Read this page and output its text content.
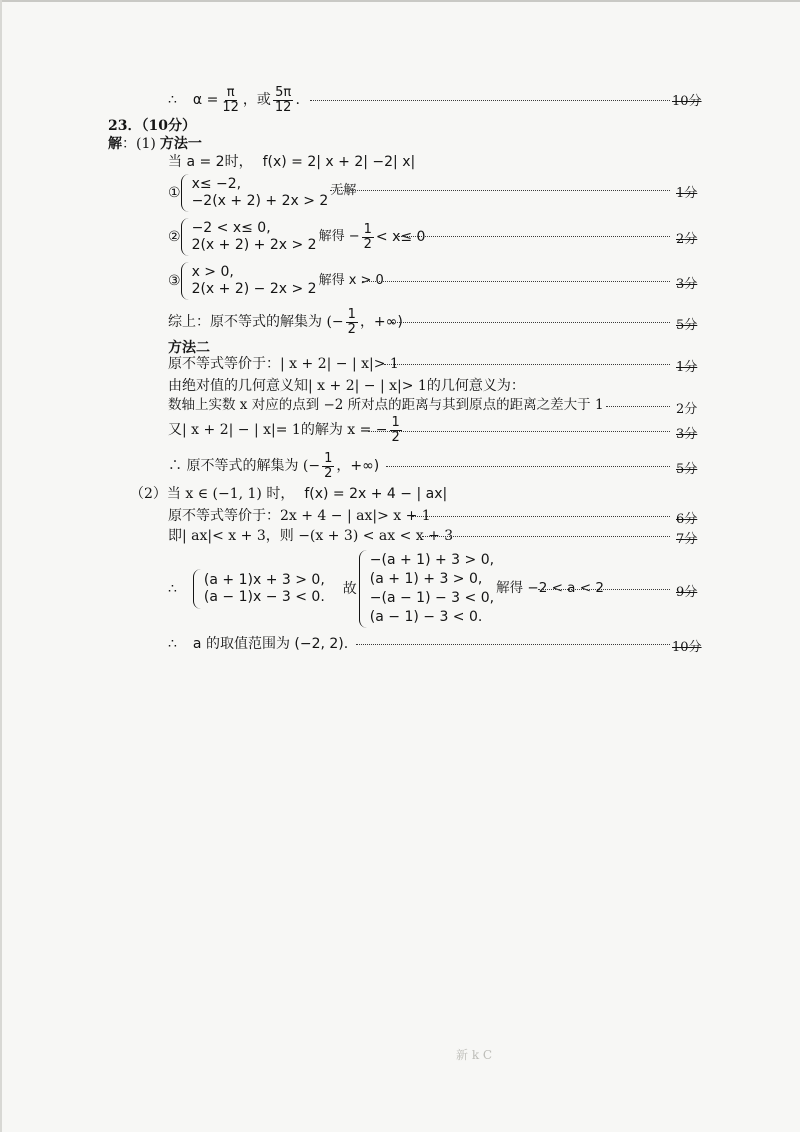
∴ $\alpha = \frac{\pi}{12}$ ，或 $\frac{5\pi}{12}$ .	10分
23．（10分）
解 ：(1) 方法一
当 a = 2时， f(x) = 2| x + 2| −2| x|
①
x≤ −2,
−2(x + 2) + 2x > 2
无解	1分
②
−2 < x≤ 0,
2(x + 2) + 2x > 2
解得 − $\frac{1}{2} < x\le 0$	2分
③
x > 0,
2(x + 2) − 2x > 2
解得 x > 0	3分
综上：原不等式的解集为 (− $\frac{1}{2}$ ，+∞)	5分
方法二
原不等式等价于：| x + 2| − | x|> 1	1分
由绝对值的几何意义知| x + 2| − | x|> 1的几何意义为：
数轴上实数 x 对应的点到 −2 所对点的距离与其到原点的距离之差大于 1	2分
又| x + 2| − | x|= 1的解为 x = − $\frac{1}{2}$	3分
∴ 原不等式的解集为 (− $\frac{1}{2}$ ，+∞)	5分
（2）当 x ∈ (−1, 1) 时， f(x) = 2x + 4 − | ax|
原不等式等价于：2x + 4 − | ax|> x + 1	6分
即| ax|< x + 3，则 −(x + 3) < ax < x + 3	7分
∴
(a + 1)x + 3 > 0,
(a − 1)x − 3 < 0.
故
−(a + 1) + 3 > 0,
(a + 1) + 3 > 0,
−(a − 1) − 3 < 0,
(a − 1) − 3 < 0.
解得 −2 < a < 2	9分
∴ a 的取值范围为 (−2, 2).	10分
新 k C
